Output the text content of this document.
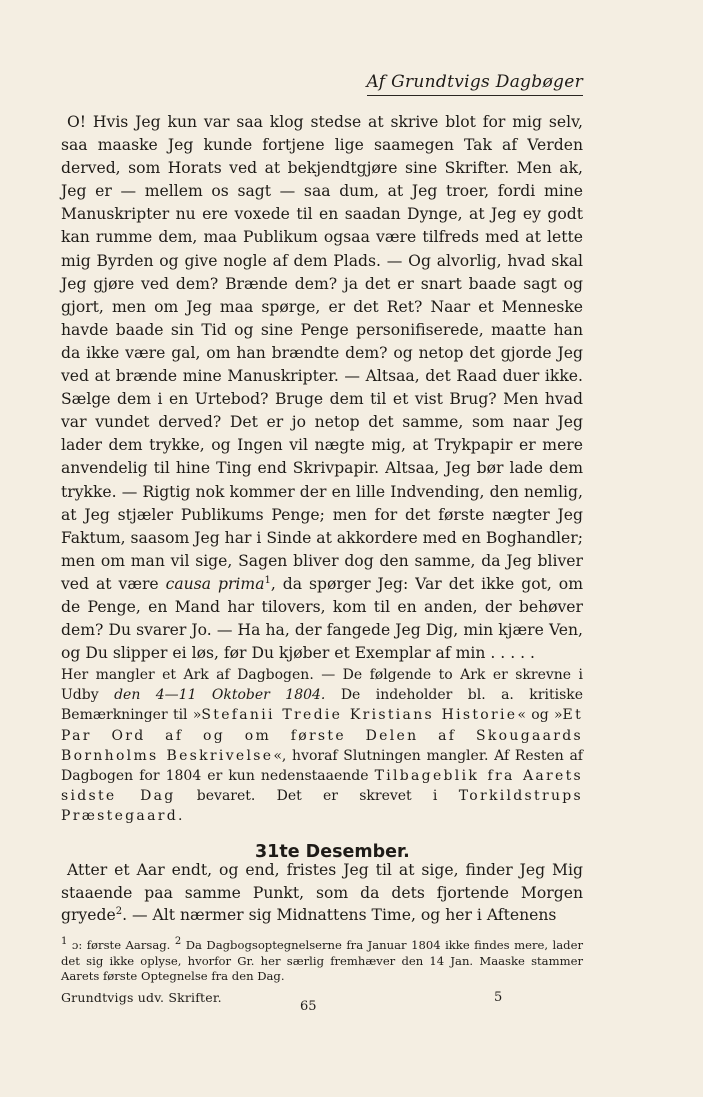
Af Grundtvigs Dagbøger

O! Hvis Jeg kun var saa klog stedse at skrive blot for mig selv, saa maaske Jeg kunde fortjene lige saamegen Tak af Verden derved, som Horats ved at bekjendtgjøre sine Skrifter. Men ak, Jeg er — mellem os sagt — saa dum, at Jeg troer, fordi mine Manuskripter nu ere voxede til en saadan Dynge, at Jeg ey godt kan rumme dem, maa Publikum ogsaa være tilfreds med at lette mig Byrden og give nogle af dem Plads. — Og alvorlig, hvad skal Jeg gjøre ved dem? Brænde dem? ja det er snart baade sagt og gjort, men om Jeg maa spørge, er det Ret? Naar et Menneske havde baade sin Tid og sine Penge personifiserede, maatte han da ikke være gal, om han brændte dem? og netop det gjorde Jeg ved at brænde mine Manuskripter. — Altsaa, det Raad duer ikke. Sælge dem i en Urtebod? Bruge dem til et vist Brug? Men hvad var vundet derved? Det er jo netop det samme, som naar Jeg lader dem trykke, og Ingen vil nægte mig, at Trykpapir er mere anvendelig til hine Ting end Skrivpapir. Altsaa, Jeg bør lade dem trykke. — Rigtig nok kommer der en lille Indvending, den nemlig, at Jeg stjæler Publikums Penge; men for det første nægter Jeg Faktum, saasom Jeg har i Sinde at akkordere med en Boghandler; men om man vil sige, Sagen bliver dog den samme, da Jeg bliver ved at være causa prima$^1$, da spørger Jeg: Var det ikke got, om de Penge, en Mand har tilovers, kom til en anden, der behøver dem? Du svarer Jo. — Ha ha, der fangede Jeg Dig, min kjære Ven, og Du slipper ei løs, før Du kjøber et Exemplar af min . . . . .

Her mangler et Ark af Dagbogen. — De følgende to Ark er skrevne i Udby den 4—11 Oktober 1804. De indeholder bl. a. kritiske Bemærkninger til »Stefanii Tredie Kristians Historie« og »Et Par Ord af og om første Delen af Skougaards Bornholms Beskrivelse«, hvoraf Slutningen mangler. Af Resten af Dagbogen for 1804 er kun nedenstaaende Tilbageblik fra Aarets sidste Dag bevaret. Det er skrevet i Torkildstrups Præstegaard.

31te Desember.

Atter et Aar endt, og end, fristes Jeg til at sige, finder Jeg Mig staaende paa samme Punkt, som da dets fjortende Morgen gryede$^2$. — Alt nærmer sig Midnattens Time, og her i Aftenens

$^1$ ɔ: første Aarsag. $^2$ Da Dagbogsoptegnelserne fra Januar 1804 ikke findes mere, lader det sig ikke oplyse, hvorfor Gr. her særlig fremhæver den 14 Jan. Maaske stammer Aarets første Optegnelse fra den Dag.

Grundtvigs udv. Skrifter.
65
5
